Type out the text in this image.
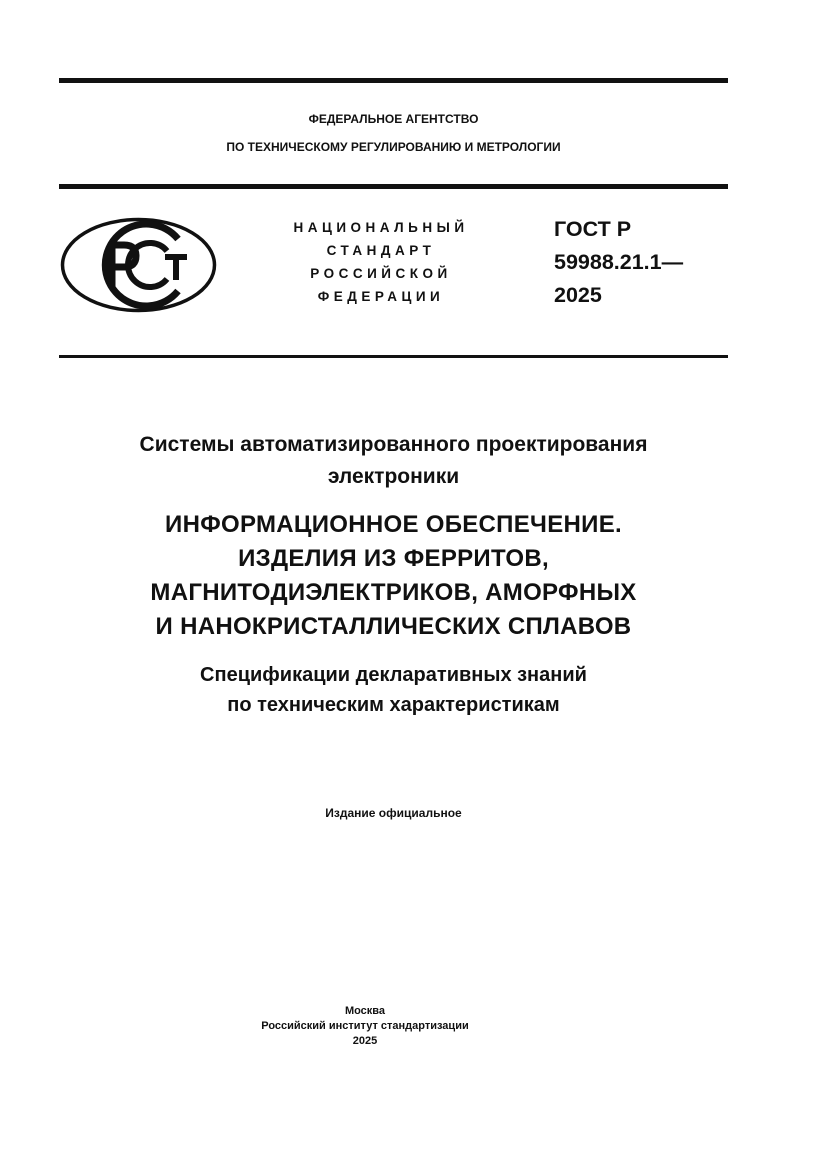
ФЕДЕРАЛЬНОЕ АГЕНТСТВО
ПО ТЕХНИЧЕСКОМУ РЕГУЛИРОВАНИЮ И МЕТРОЛОГИИ
НАЦИОНАЛЬНЫЙ
СТАНДАРТ
РОССИЙСКОЙ
ФЕДЕРАЦИИ
ГОСТ Р
59988.21.1—
2025
Системы автоматизированного проектирования
электроники
ИНФОРМАЦИОННОЕ ОБЕСПЕЧЕНИЕ.
ИЗДЕЛИЯ ИЗ ФЕРРИТОВ,
МАГНИТОДИЭЛЕКТРИКОВ, АМОРФНЫХ
И НАНОКРИСТАЛЛИЧЕСКИХ СПЛАВОВ
Спецификации декларативных знаний
по техническим характеристикам
Издание официальное
Москва
Российский институт стандартизации
2025
